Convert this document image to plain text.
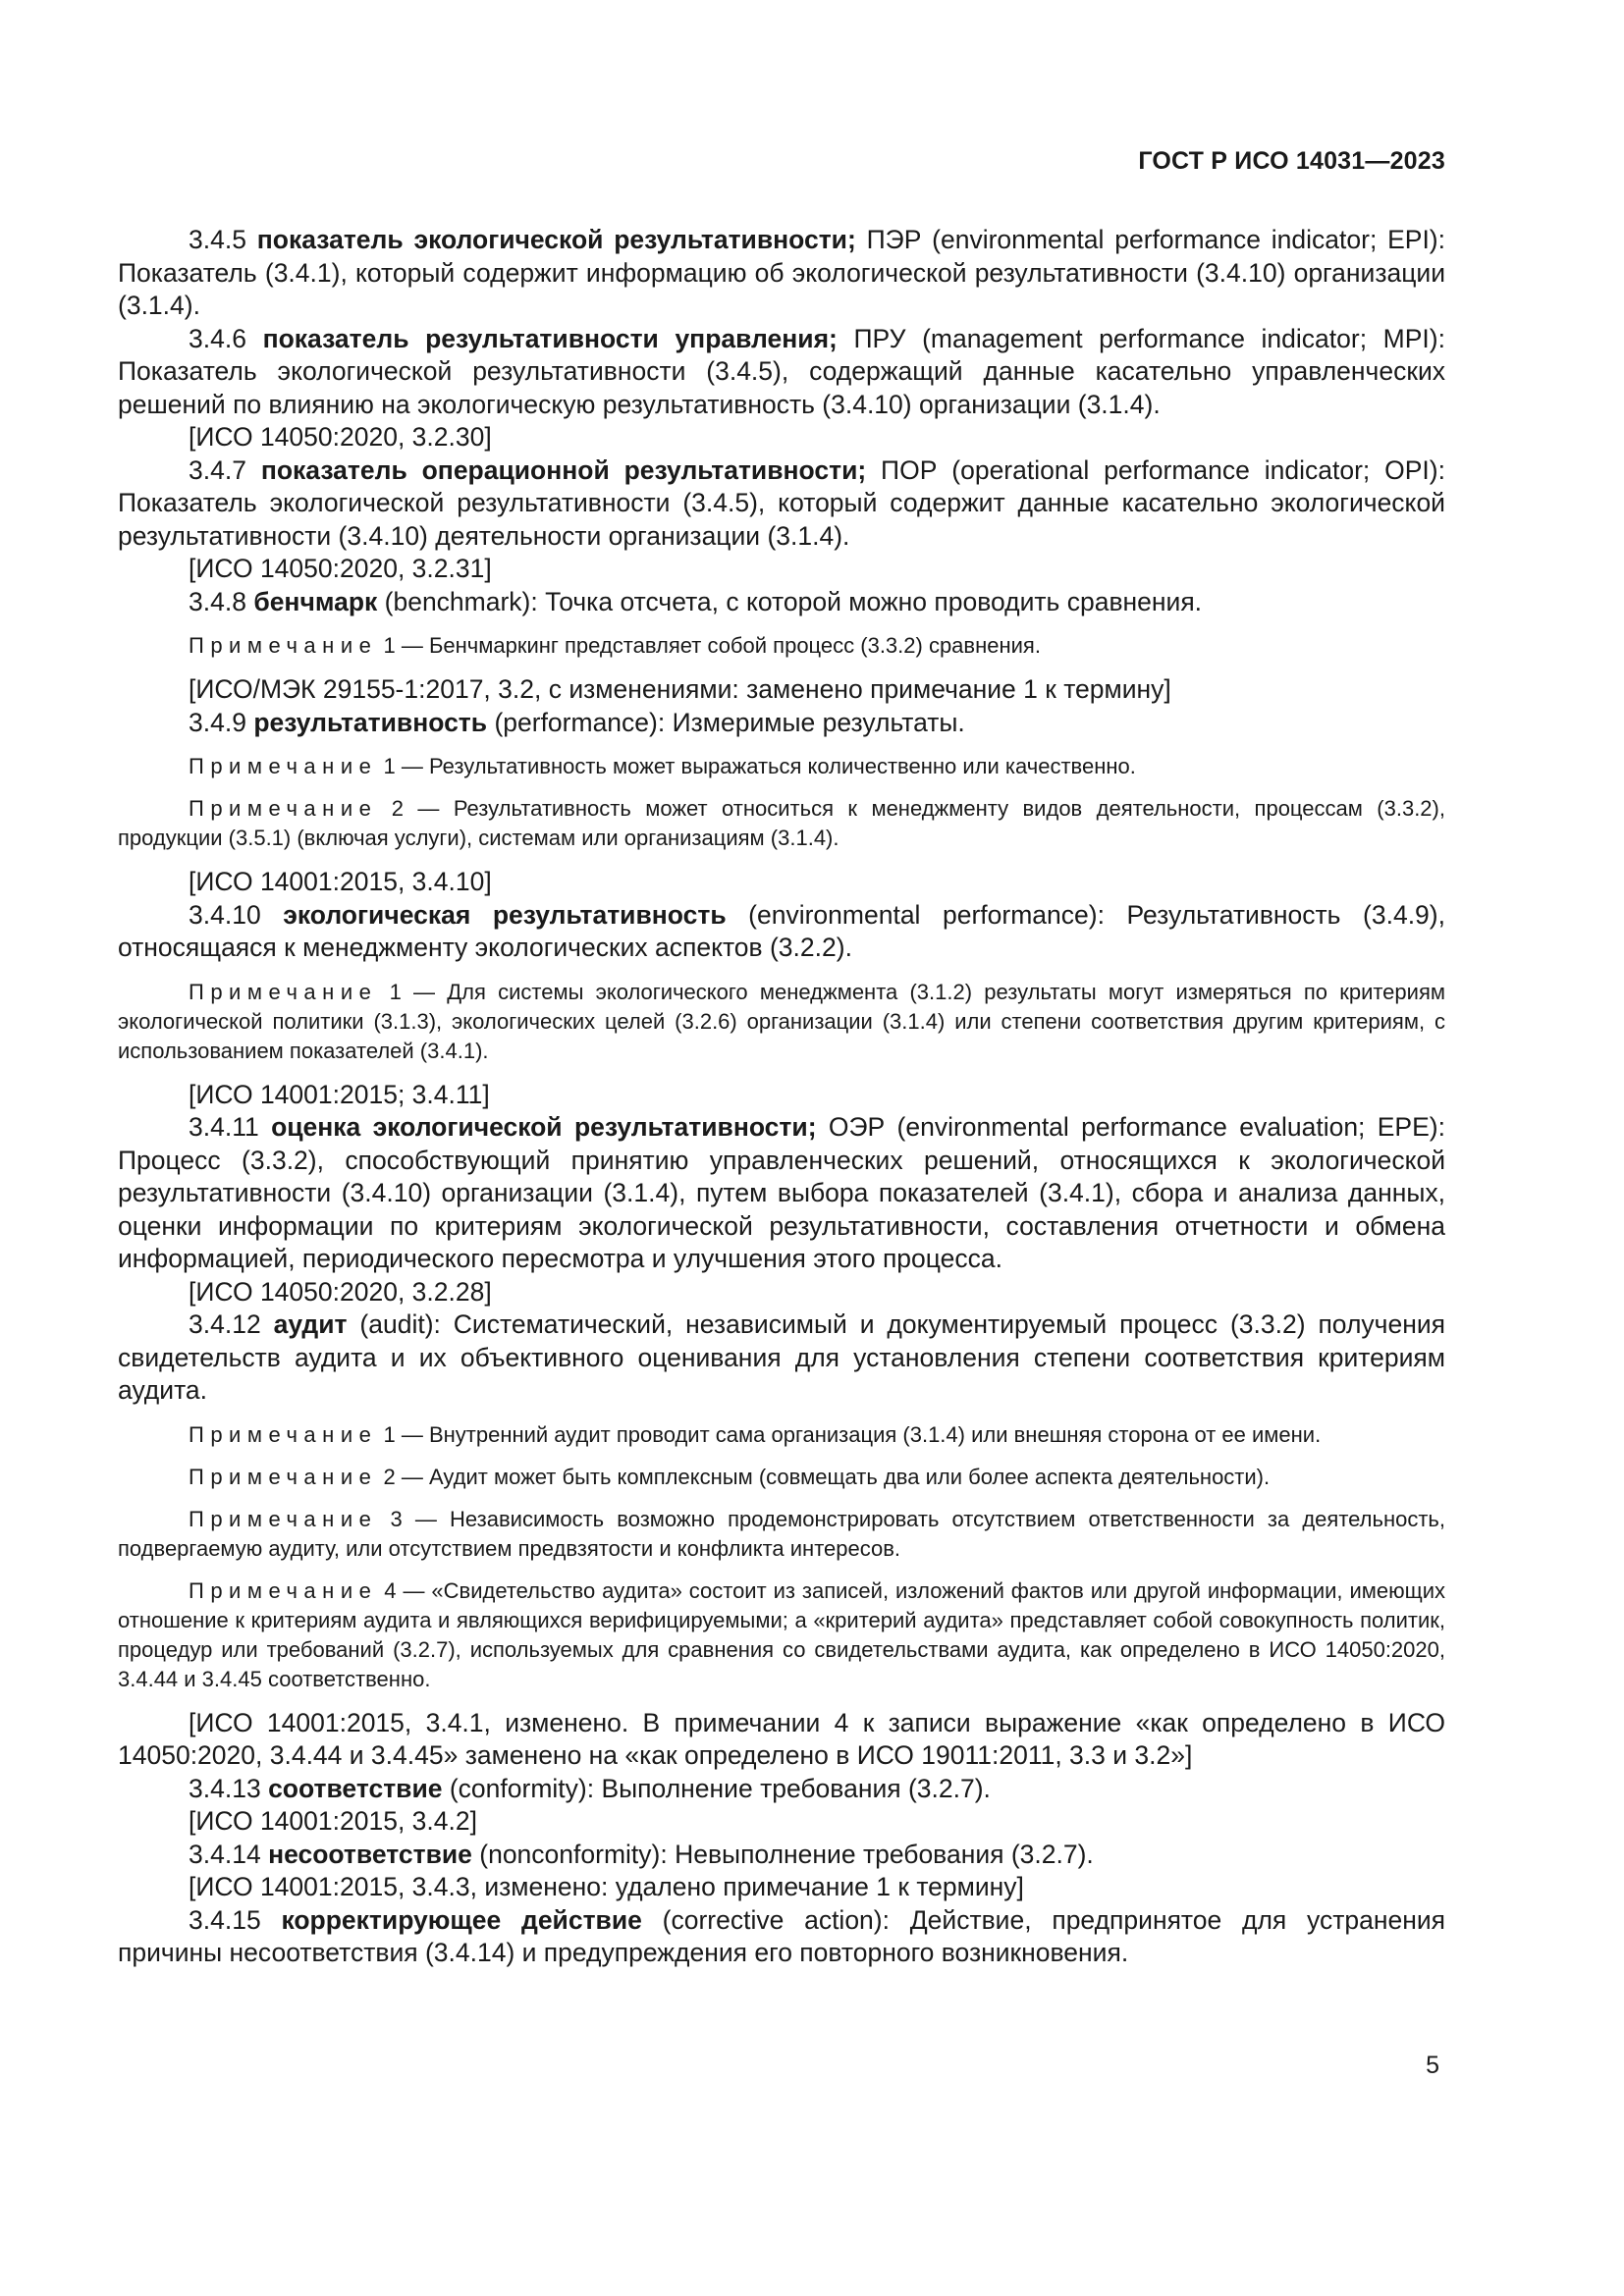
ГОСТ Р ИСО 14031—2023

3.4.5 показатель экологической результативности; ПЭР (environmental performance indicator; EPI): Показатель (3.4.1), который содержит информацию об экологической результативности (3.4.10) организации (3.1.4).

3.4.6 показатель результативности управления; ПРУ (management performance indicator; MPI): Показатель экологической результативности (3.4.5), содержащий данные касательно управленческих решений по влиянию на экологическую результативность (3.4.10) организации (3.1.4).

[ИСО 14050:2020, 3.2.30]

3.4.7 показатель операционной результативности; ПОР (operational performance indicator; OPI): Показатель экологической результативности (3.4.5), который содержит данные касательно экологической результативности (3.4.10) деятельности организации (3.1.4).

[ИСО 14050:2020, 3.2.31]

3.4.8 бенчмарк (benchmark): Точка отсчета, с которой можно проводить сравнения.

Примечание 1 — Бенчмаркинг представляет собой процесс (3.3.2) сравнения.

[ИСО/МЭК 29155-1:2017, 3.2, с изменениями: заменено примечание 1 к термину]

3.4.9 результативность (performance): Измеримые результаты.

Примечание 1 — Результативность может выражаться количественно или качественно.

Примечание 2 — Результативность может относиться к менеджменту видов деятельности, процессам (3.3.2), продукции (3.5.1) (включая услуги), системам или организациям (3.1.4).

[ИСО 14001:2015, 3.4.10]

3.4.10 экологическая результативность (environmental performance): Результативность (3.4.9), относящаяся к менеджменту экологических аспектов (3.2.2).

Примечание 1 — Для системы экологического менеджмента (3.1.2) результаты могут измеряться по критериям экологической политики (3.1.3), экологических целей (3.2.6) организации (3.1.4) или степени соответствия другим критериям, с использованием показателей (3.4.1).

[ИСО 14001:2015; 3.4.11]

3.4.11 оценка экологической результативности; ОЭР (environmental performance evaluation; EPE): Процесс (3.3.2), способствующий принятию управленческих решений, относящихся к экологической результативности (3.4.10) организации (3.1.4), путем выбора показателей (3.4.1), сбора и анализа данных, оценки информации по критериям экологической результативности, составления отчетности и обмена информацией, периодического пересмотра и улучшения этого процесса.

[ИСО 14050:2020, 3.2.28]

3.4.12 аудит (audit): Систематический, независимый и документируемый процесс (3.3.2) получения свидетельств аудита и их объективного оценивания для установления степени соответствия критериям аудита.

Примечание 1 — Внутренний аудит проводит сама организация (3.1.4) или внешняя сторона от ее имени.

Примечание 2 — Аудит может быть комплексным (совмещать два или более аспекта деятельности).

Примечание 3 — Независимость возможно продемонстрировать отсутствием ответственности за деятельность, подвергаемую аудиту, или отсутствием предвзятости и конфликта интересов.

Примечание 4 — «Свидетельство аудита» состоит из записей, изложений фактов или другой информации, имеющих отношение к критериям аудита и являющихся верифицируемыми; а «критерий аудита» представляет собой совокупность политик, процедур или требований (3.2.7), используемых для сравнения со свидетельствами аудита, как определено в ИСО 14050:2020, 3.4.44 и 3.4.45 соответственно.

[ИСО 14001:2015, 3.4.1, изменено. В примечании 4 к записи выражение «как определено в ИСО 14050:2020, 3.4.44 и 3.4.45» заменено на «как определено в ИСО 19011:2011, 3.3 и 3.2»]

3.4.13 соответствие (conformity): Выполнение требования (3.2.7).

[ИСО 14001:2015, 3.4.2]

3.4.14 несоответствие (nonconformity): Невыполнение требования (3.2.7).

[ИСО 14001:2015, 3.4.3, изменено: удалено примечание 1 к термину]

3.4.15 корректирующее действие (corrective action): Действие, предпринятое для устранения причины несоответствия (3.4.14) и предупреждения его повторного возникновения.

5
